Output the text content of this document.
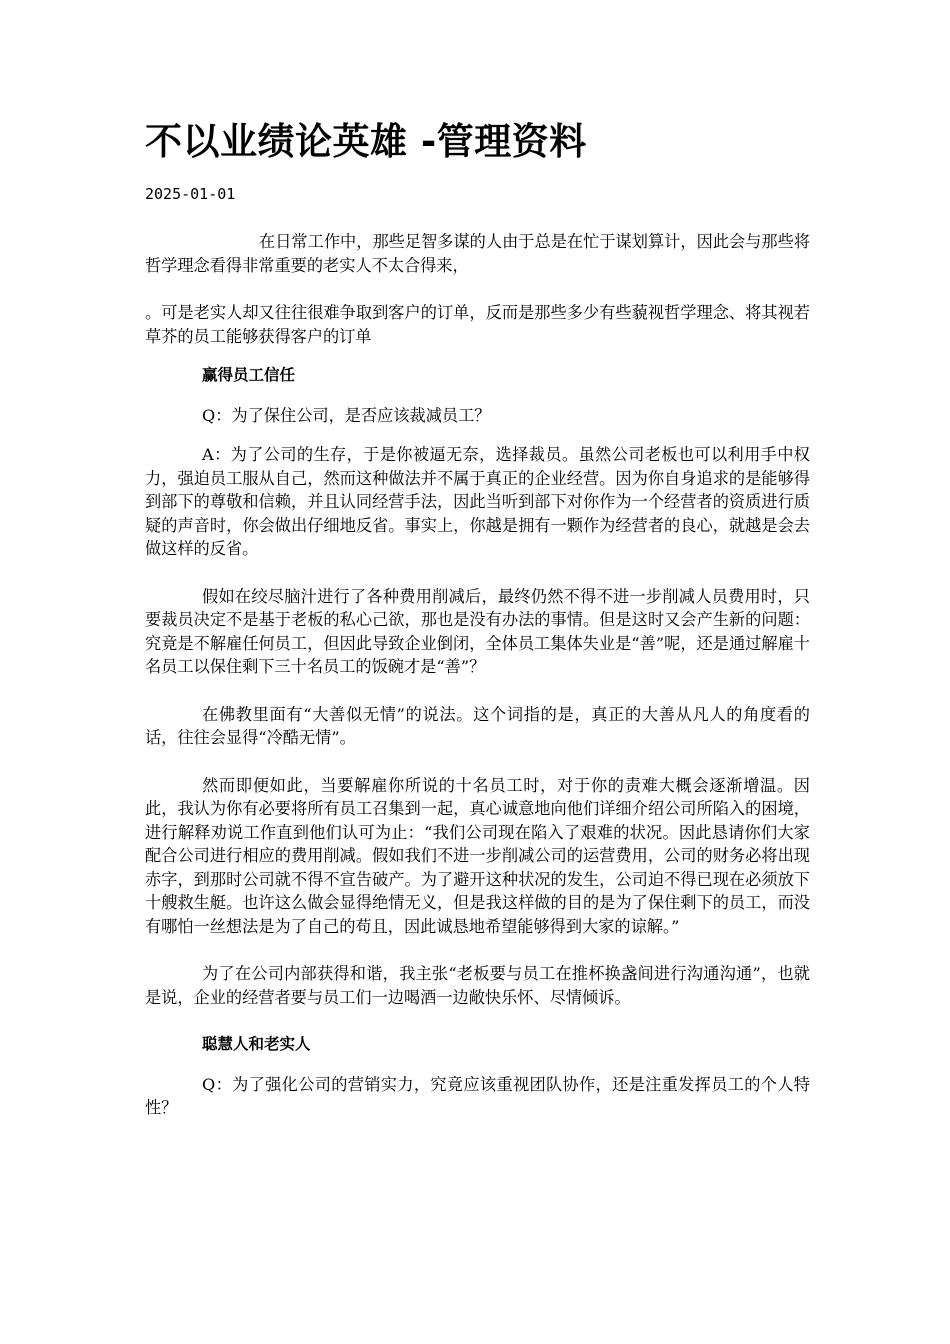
不以业绩论英雄 -管理资料
2025-01-01

在日常工作中，那些足智多谋的人由于总是在忙于谋划算计，因此会与那些将哲学理念看得非常重要的老实人不太合得来，

。可是老实人却又往往很难争取到客户的订单，反而是那些多少有些藐视哲学理念、将其视若草芥的员工能够获得客户的订单

赢得员工信任

Q：为了保住公司，是否应该裁减员工？

A：为了公司的生存，于是你被逼无奈，选择裁员。虽然公司老板也可以利用手中权力，强迫员工服从自己，然而这种做法并不属于真正的企业经营。因为你自身追求的是能够得到部下的尊敬和信赖，并且认同经营手法，因此当听到部下对你作为一个经营者的资质进行质疑的声音时，你会做出仔细地反省。事实上，你越是拥有一颗作为经营者的良心，就越是会去做这样的反省。

假如在绞尽脑汁进行了各种费用削减后，最终仍然不得不进一步削减人员费用时，只要裁员决定不是基于老板的私心己欲，那也是没有办法的事情。但是这时又会产生新的问题：究竟是不解雇任何员工，但因此导致企业倒闭，全体员工集体失业是“善”呢，还是通过解雇十名员工以保住剩下三十名员工的饭碗才是“善”？

在佛教里面有“大善似无情”的说法。这个词指的是，真正的大善从凡人的角度看的话，往往会显得“冷酷无情”。

然而即便如此，当要解雇你所说的十名员工时，对于你的责难大概会逐渐增温。因此，我认为你有必要将所有员工召集到一起，真心诚意地向他们详细介绍公司所陷入的困境，进行解释劝说工作直到他们认可为止：“我们公司现在陷入了艰难的状况。因此恳请你们大家配合公司进行相应的费用削减。假如我们不进一步削减公司的运营费用，公司的财务必将出现赤字，到那时公司就不得不宣告破产。为了避开这种状况的发生，公司迫不得已现在必须放下十艘救生艇。也许这么做会显得绝情无义，但是我这样做的目的是为了保住剩下的员工，而没有哪怕一丝想法是为了自己的苟且，因此诚恳地希望能够得到大家的谅解。”

为了在公司内部获得和谐，我主张“老板要与员工在推杯换盏间进行沟通沟通”，也就是说，企业的经营者要与员工们一边喝酒一边敞快乐怀、尽情倾诉。

聪慧人和老实人

Q：为了强化公司的营销实力，究竟应该重视团队协作，还是注重发挥员工的个人特性？
